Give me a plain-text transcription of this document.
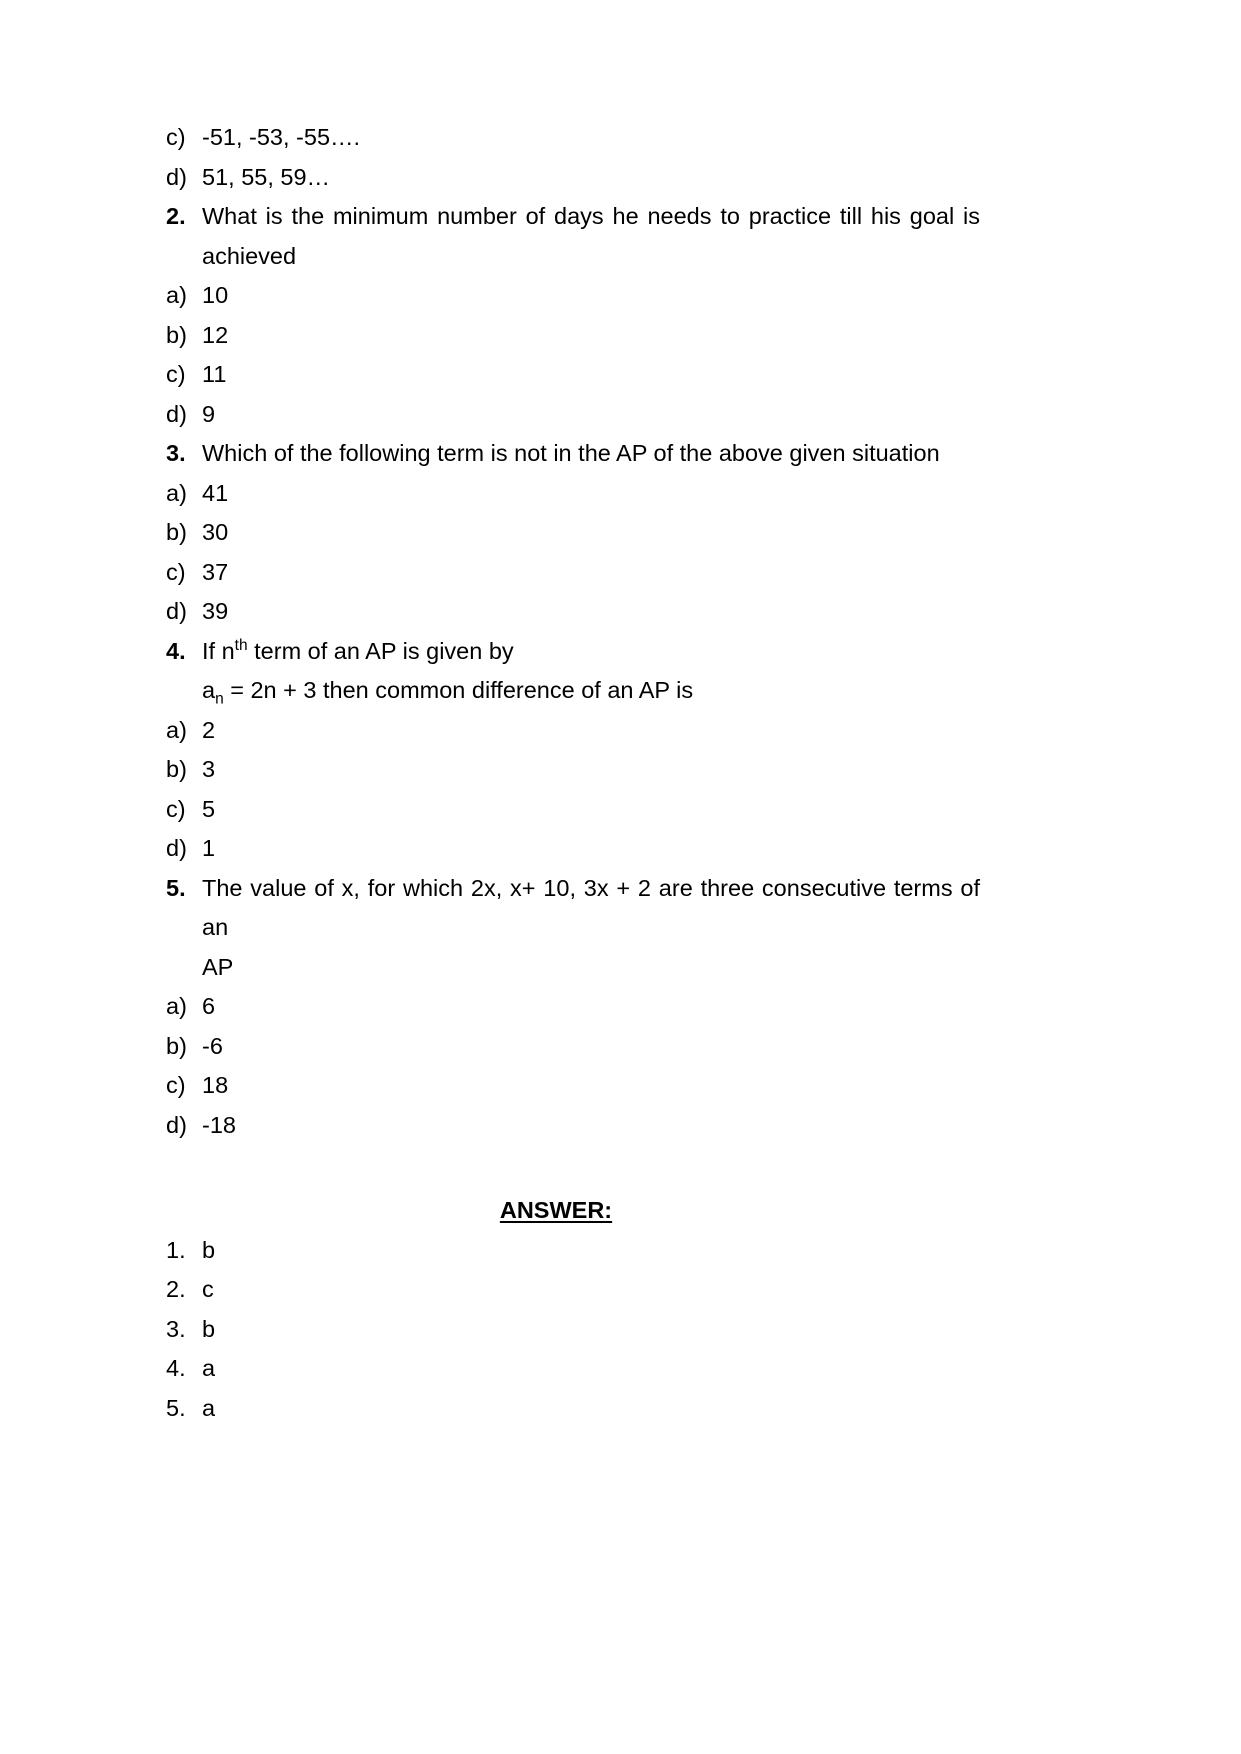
c) -51, -53, -55….
d) 51, 55, 59…
2. What is the minimum number of days he needs to practice till his goal is
achieved
a) 10
b) 12
c) 11
d) 9
3. Which of the following term is not in the AP of the above given situation
a) 41
b) 30
c) 37
d) 39
4. If $n^{th}$ term of an AP is given by
$a_n = 2n + 3$ then common difference of an AP is
a) 2
b) 3
c) 5
d) 1
5. The value of x, for which 2x, x+ 10, 3x + 2 are three consecutive terms of an
AP
a) 6
b) -6
c) 18
d) -18
ANSWER:
1. b
2. c
3. b
4. a
5. a
